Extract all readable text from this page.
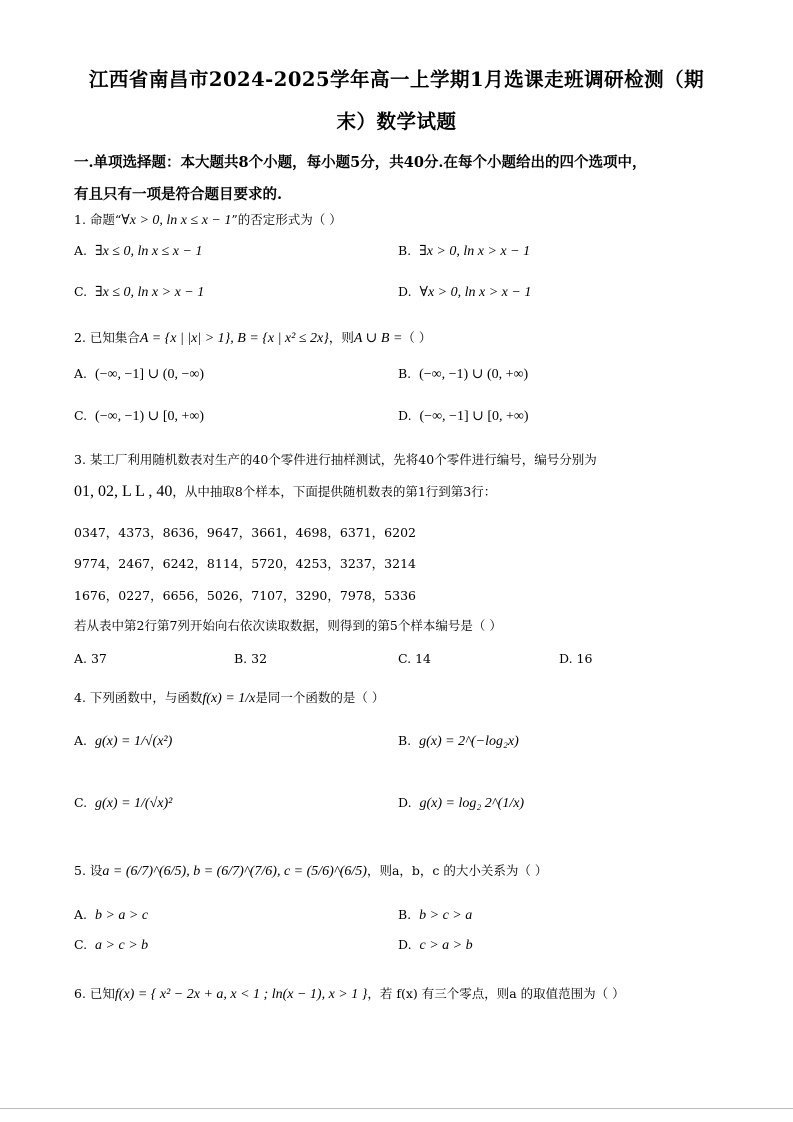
江西省南昌市2024-2025学年高一上学期1月选课走班调研检测（期
末）数学试题
一.单项选择题：本大题共8个小题，每小题5分，共40分.在每个小题给出的四个选项中，
有且只有一项是符合题目要求的.
1. 命题“∀x > 0, ln x ≤ x − 1”的否定形式为（ ）
A. ∃x ≤ 0, ln x ≤ x − 1	B. ∃x > 0, ln x > x − 1
C. ∃x ≤ 0, ln x > x − 1	D. ∀x > 0, ln x > x − 1
2. 已知集合A = {x | |x| > 1}, B = {x | x² ≤ 2x}，则A ∪ B =（ ）
A. (−∞, −1] ∪ (0, −∞)	B. (−∞, −1) ∪ (0, +∞)
C. (−∞, −1) ∪ [0, +∞)	D. (−∞, −1] ∪ [0, +∞)
3. 某工厂利用随机数表对生产的40个零件进行抽样测试，先将40个零件进行编号，编号分别为
01, 02, L L , 40，从中抽取8个样本，下面提供随机数表的第1行到第3行：
0347，4373，8636，9647，3661，4698，6371，6202
9774，2467，6242，8114，5720，4253，3237，3214
1676，0227，6656，5026，7107，3290，7978，5336
若从表中第2行第7列开始向右依次读取数据，则得到的第5个样本编号是（ ）
A. 37	B. 32	C. 14	D. 16
4. 下列函数中，与函数f(x) = 1/x是同一个函数的是（ ）
A. g(x) = 1/√(x²)	B. g(x) = 2^(−log₂x)
C. g(x) = 1/(√x)²	D. g(x) = log₂ 2^(1/x)
5. 设a = (6/7)^(6/5), b = (6/7)^(7/6), c = (5/6)^(6/5)，则a，b，c 的大小关系为（ ）
A. b > a > c	B. b > c > a
C. a > c > b	D. c > a > b
6. 已知f(x) = { x² − 2x + a, x < 1 ; ln(x − 1), x > 1 }，若 f(x) 有三个零点，则a 的取值范围为（ ）
